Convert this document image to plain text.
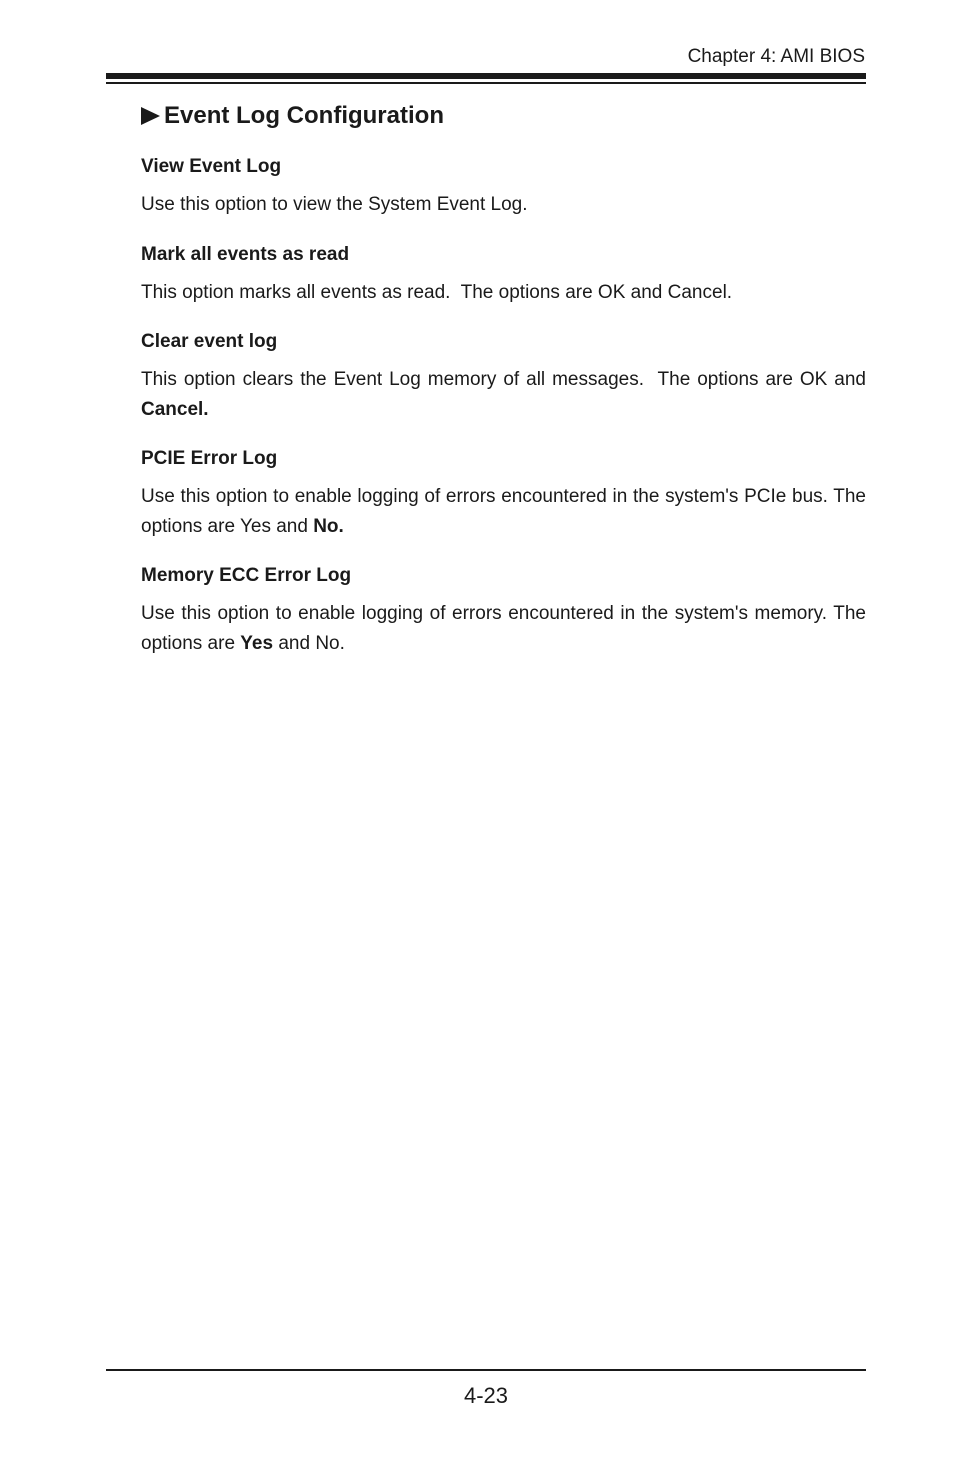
Chapter 4: AMI BIOS
Event Log Configuration
View Event Log

Use this option to view the System Event Log.

Mark all events as read

This option marks all events as read.  The options are OK and Cancel.

Clear event log

This option clears the Event Log memory of all messages.  The options are OK and Cancel.

PCIE Error Log

Use this option to enable logging of errors encountered in the system's PCIe bus. The options are Yes and No.

Memory ECC Error Log

Use this option to enable logging of errors encountered in the system's memory. The options are Yes and No.

4-23
